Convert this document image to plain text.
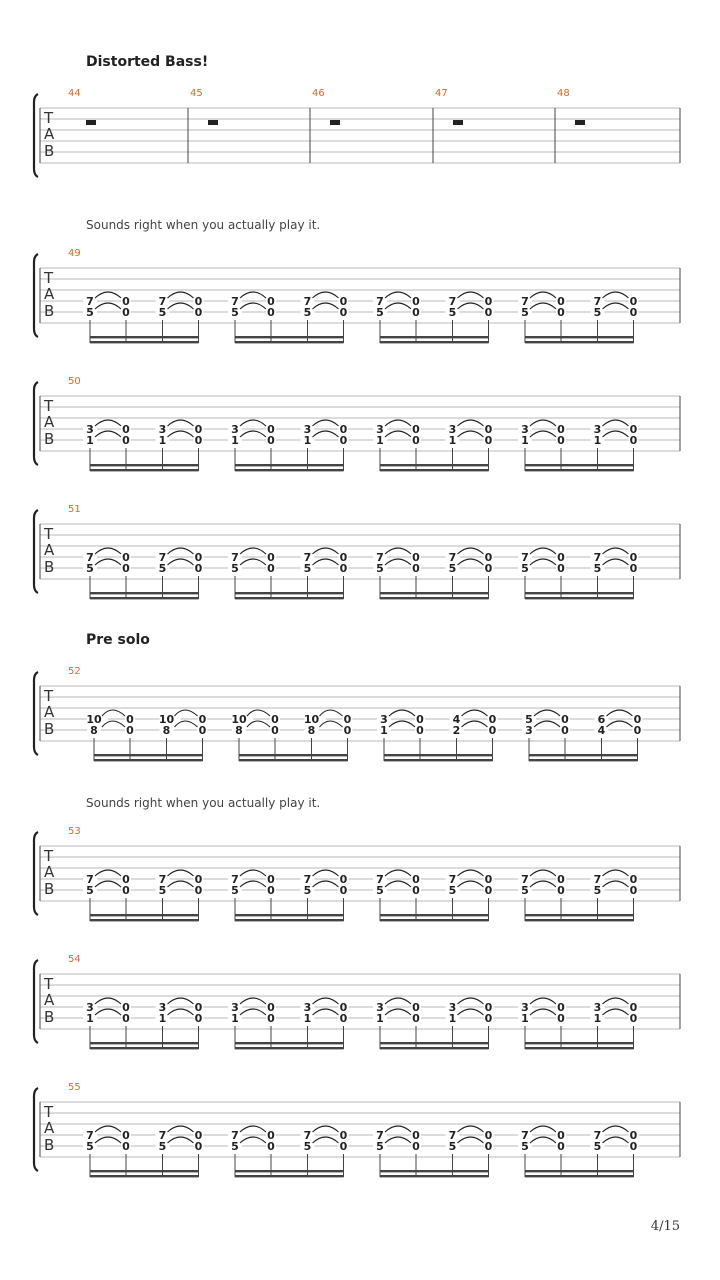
Distorted Bass!
Sounds right when you actually play it.
Pre solo
Sounds right when you actually play it.
T
A
B
44	45	46	47	48
T
A
B
49
7
5
0
0
7
5
0
0
7
5
0
0
7
5
0
0
7
5
0
0
7
5
0
0
7
5
0
0
7
5
0
0
T
A
B
50
3
1
0
0
3
1
0
0
3
1
0
0
3
1
0
0
3
1
0
0
3
1
0
0
3
1
0
0
3
1
0
0
T
A
B
51
7
5
0
0
7
5
0
0
7
5
0
0
7
5
0
0
7
5
0
0
7
5
0
0
7
5
0
0
7
5
0
0
T
A
B
52
10
8
0
0
10
8
0
0
10
8
0
0
10
8
0
0
3
1
0
0
4
2
0
0
5
3
0
0
6
4
0
0
T
A
B
53
7
5
0
0
7
5
0
0
7
5
0
0
7
5
0
0
7
5
0
0
7
5
0
0
7
5
0
0
7
5
0
0
T
A
B
54
3
1
0
0
3
1
0
0
3
1
0
0
3
1
0
0
3
1
0
0
3
1
0
0
3
1
0
0
3
1
0
0
T
A
B
55
7
5
0
0
7
5
0
0
7
5
0
0
7
5
0
0
7
5
0
0
7
5
0
0
7
5
0
0
7
5
0
0
4/15
